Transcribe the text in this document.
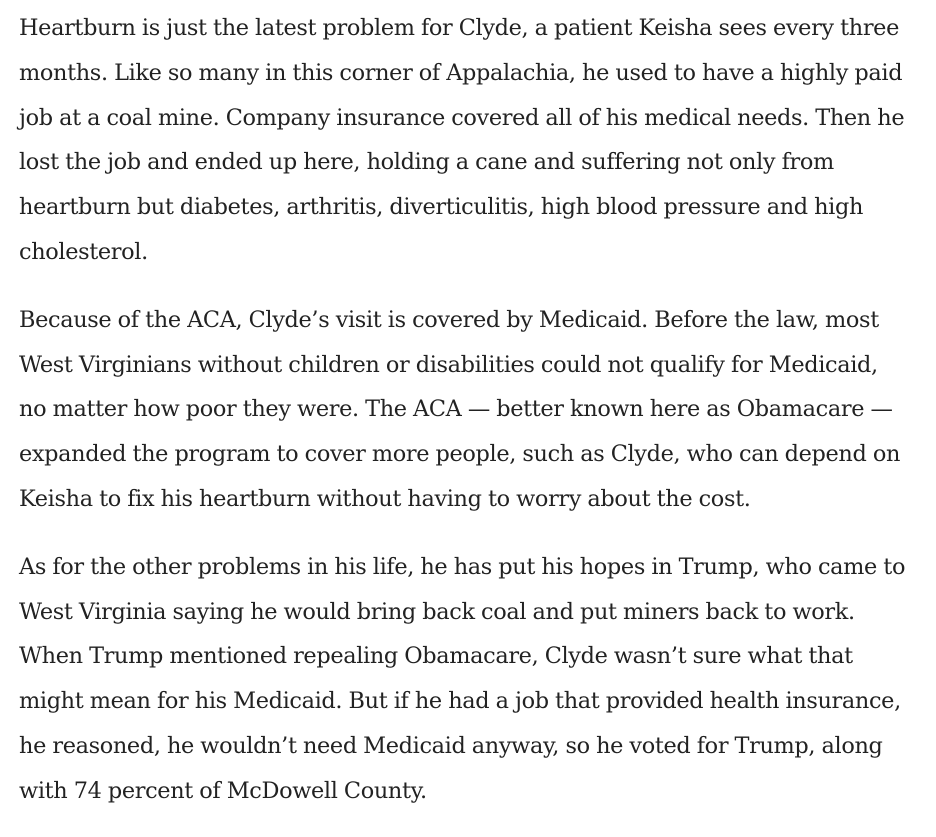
Heartburn is just the latest problem for Clyde, a patient Keisha sees every three
months. Like so many in this corner of Appalachia, he used to have a highly paid
job at a coal mine. Company insurance covered all of his medical needs. Then he
lost the job and ended up here, holding a cane and suffering not only from
heartburn but diabetes, arthritis, diverticulitis, high blood pressure and high
cholesterol.

Because of the ACA, Clyde’s visit is covered by Medicaid. Before the law, most
West Virginians without children or disabilities could not qualify for Medicaid,
no matter how poor they were. The ACA — better known here as Obamacare —
expanded the program to cover more people, such as Clyde, who can depend on
Keisha to fix his heartburn without having to worry about the cost.

As for the other problems in his life, he has put his hopes in Trump, who came to
West Virginia saying he would bring back coal and put miners back to work.
When Trump mentioned repealing Obamacare, Clyde wasn’t sure what that
might mean for his Medicaid. But if he had a job that provided health insurance,
he reasoned, he wouldn’t need Medicaid anyway, so he voted for Trump, along
with 74 percent of McDowell County.
